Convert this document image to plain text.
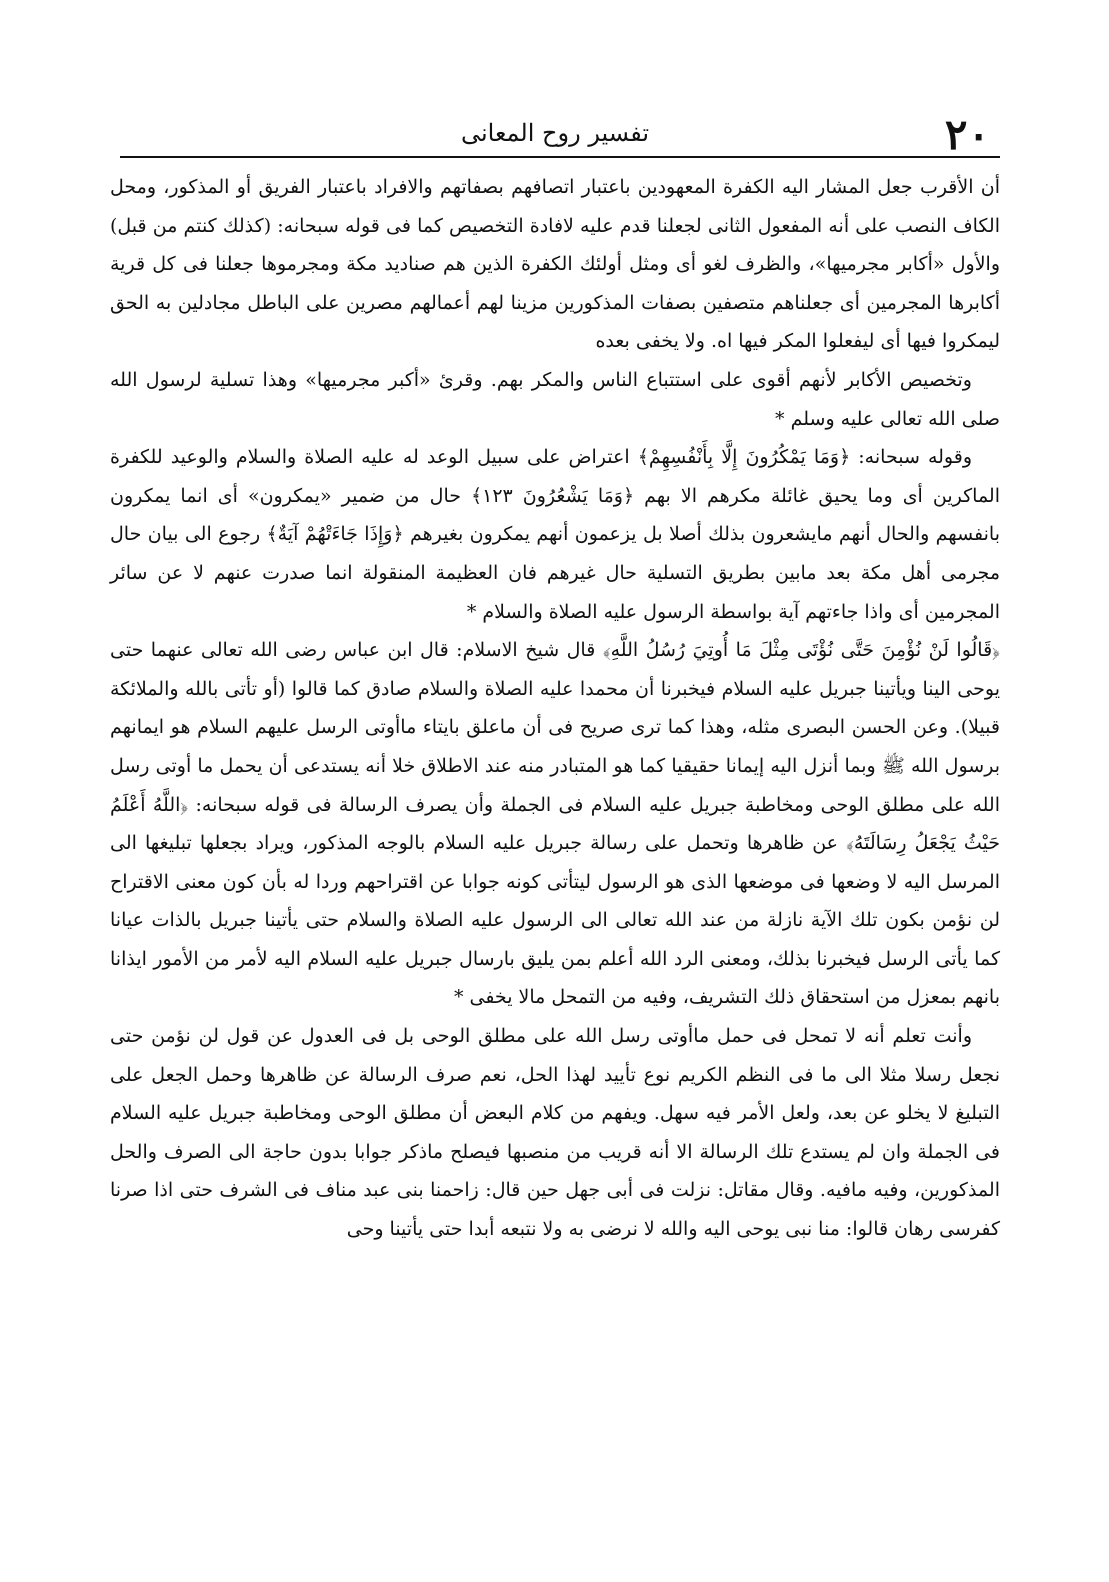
٢٠
تفسير روح المعانى

أن الأقرب جعل المشار اليه الكفرة المعهودين باعتبار اتصافهم بصفاتهم والافراد باعتبار الفريق أو المذكور، ومحل الكاف النصب على أنه المفعول الثانى لجعلنا قدم عليه لافادة التخصيص كما فى قوله سبحانه: (كذلك كنتم من قبل) والأول «أكابر مجرميها»، والظرف لغو أى ومثل أولئك الكفرة الذين هم صناديد مكة ومجرموها جعلنا فى كل قرية أكابرها المجرمين أى جعلناهم متصفين بصفات المذكورين مزينا لهم أعمالهم مصرين على الباطل مجادلين به الحق ليمكروا فيها أى ليفعلوا المكر فيها اه. ولا يخفى بعده

وتخصيص الأكابر لأنهم أقوى على استتباع الناس والمكر بهم. وقرئ «أكبر مجرميها» وهذا تسلية لرسول الله صلى الله تعالى عليه وسلم *

وقوله سبحانه: ﴿وَمَا يَمْكُرُونَ إِلَّا بِأَنْفُسِهِمْ﴾ اعتراض على سبيل الوعد له عليه الصلاة والسلام والوعيد للكفرة الماكرين أى وما يحيق غائلة مكرهم الا بهم ﴿وَمَا يَشْعُرُونَ ١٢٣﴾ حال من ضمير «يمكرون» أى انما يمكرون بانفسهم والحال أنهم مايشعرون بذلك أصلا بل يزعمون أنهم يمكرون بغيرهم ﴿وَإِذَا جَاءَتْهُمْ آيَةٌ﴾ رجوع الى بيان حال مجرمى أهل مكة بعد مابين بطريق التسلية حال غيرهم فان العظيمة المنقولة انما صدرت عنهم لا عن سائر المجرمين أى واذا جاءتهم آية بواسطة الرسول عليه الصلاة والسلام *

﴿قَالُوا لَنْ نُؤْمِنَ حَتَّى نُؤْتَى مِثْلَ مَا أُوتِيَ رُسُلُ اللَّهِ﴾ قال شيخ الاسلام: قال ابن عباس رضى الله تعالى عنهما حتى يوحى الينا ويأتينا جبريل عليه السلام فيخبرنا أن محمدا عليه الصلاة والسلام صادق كما قالوا (أو تأتى بالله والملائكة قبيلا). وعن الحسن البصرى مثله، وهذا كما ترى صريح فى أن ماعلق بايتاء ماأوتى الرسل عليهم السلام هو ايمانهم برسول الله ﷺ وبما أنزل اليه إيمانا حقيقيا كما هو المتبادر منه عند الاطلاق خلا أنه يستدعى أن يحمل ما أوتى رسل الله على مطلق الوحى ومخاطبة جبريل عليه السلام فى الجملة وأن يصرف الرسالة فى قوله سبحانه: ﴿اللَّهُ أَعْلَمُ حَيْثُ يَجْعَلُ رِسَالَتَهُ﴾ عن ظاهرها وتحمل على رسالة جبريل عليه السلام بالوجه المذكور، ويراد بجعلها تبليغها الى المرسل اليه لا وضعها فى موضعها الذى هو الرسول ليتأتى كونه جوابا عن اقتراحهم وردا له بأن كون معنى الاقتراح لن نؤمن بكون تلك الآية نازلة من عند الله تعالى الى الرسول عليه الصلاة والسلام حتى يأتينا جبريل بالذات عيانا كما يأتى الرسل فيخبرنا بذلك، ومعنى الرد الله أعلم بمن يليق بارسال جبريل عليه السلام اليه لأمر من الأمور ايذانا بانهم بمعزل من استحقاق ذلك التشريف، وفيه من التمحل مالا يخفى *

وأنت تعلم أنه لا تمحل فى حمل ماأوتى رسل الله على مطلق الوحى بل فى العدول عن قول لن نؤمن حتى نجعل رسلا مثلا الى ما فى النظم الكريم نوع تأييد لهذا الحل، نعم صرف الرسالة عن ظاهرها وحمل الجعل على التبليغ لا يخلو عن بعد، ولعل الأمر فيه سهل. ويفهم من كلام البعض أن مطلق الوحى ومخاطبة جبريل عليه السلام فى الجملة وان لم يستدع تلك الرسالة الا أنه قريب من منصبها فيصلح ماذكر جوابا بدون حاجة الى الصرف والحل المذكورين، وفيه مافيه. وقال مقاتل: نزلت فى أبى جهل حين قال: زاحمنا بنى عبد مناف فى الشرف حتى اذا صرنا كفرسى رهان قالوا: منا نبى يوحى اليه والله لا نرضى به ولا نتبعه أبدا حتى يأتينا وحى
